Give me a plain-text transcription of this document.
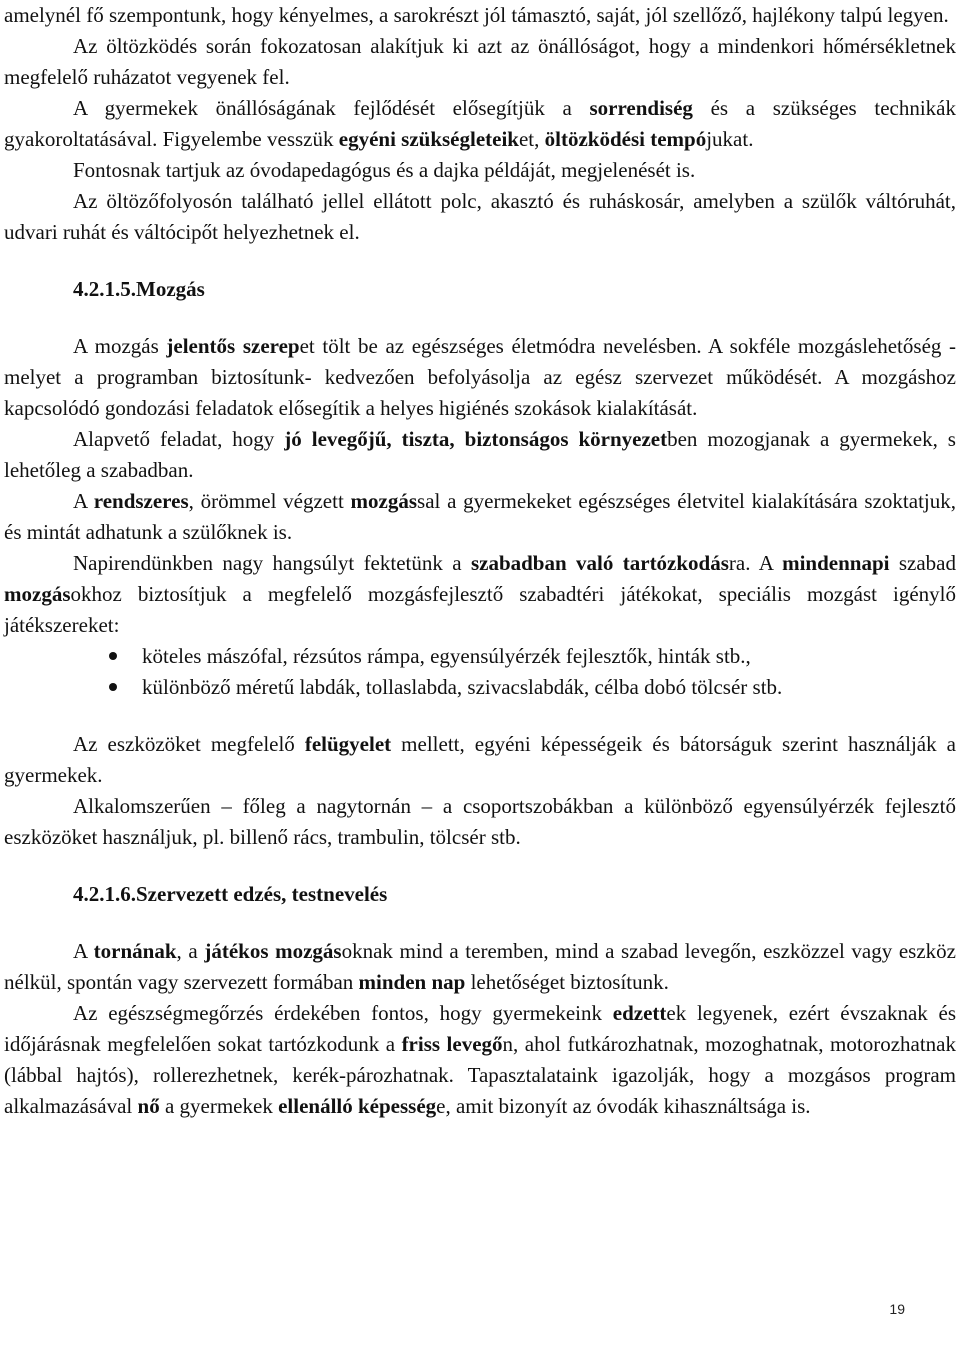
amelynél fő szempontunk, hogy kényelmes, a sarokrészt jól támasztó, saját, jól szellőző, hajlékony talpú legyen.

Az öltözködés során fokozatosan alakítjuk ki azt az önállóságot, hogy a mindenkori hőmérsékletnek megfelelő ruházatot vegyenek fel.

A gyermekek önállóságának fejlődését elősegítjük a sorrendiség és a szükséges technikák gyakoroltatásával. Figyelembe vesszük egyéni szükségleteiket, öltözködési tempójukat.

Fontosnak tartjuk az óvodapedagógus és a dajka példáját, megjelenését is.

Az öltözőfolyosón található jellel ellátott polc, akasztó és ruháskosár, amelyben a szülők váltóruhát, udvari ruhát és váltócipőt helyezhetnek el.

4.2.1.5.Mozgás

A mozgás jelentős szerepet tölt be az egészséges életmódra nevelésben. A sokféle mozgáslehetőség - melyet a programban biztosítunk- kedvezően befolyásolja az egész szervezet működését. A mozgáshoz kapcsolódó gondozási feladatok elősegítik a helyes higiénés szokások kialakítását.

Alapvető feladat, hogy jó levegőjű, tiszta, biztonságos környezetben mozogjanak a gyermekek, s lehetőleg a szabadban.

A rendszeres, örömmel végzett mozgással a gyermekeket egészséges életvitel kialakítására szoktatjuk, és mintát adhatunk a szülőknek is.

Napirendünkben nagy hangsúlyt fektetünk a szabadban való tartózkodásra. A mindennapi szabad mozgásokhoz biztosítjuk a megfelelő mozgásfejlesztő szabadtéri játékokat, speciális mozgást igénylő játékszereket:

köteles mászófal, rézsútos rámpa, egyensúlyérzék fejlesztők, hinták stb.,
különböző méretű labdák, tollaslabda, szivacslabdák, célba dobó tölcsér stb.

Az eszközöket megfelelő felügyelet mellett, egyéni képességeik és bátorságuk szerint használják a gyermekek.

Alkalomszerűen – főleg a nagytornán – a csoportszobákban a különböző egyensúlyérzék fejlesztő eszközöket használjuk, pl. billenő rács, trambulin, tölcsér stb.

4.2.1.6.Szervezett edzés, testnevelés

A tornának, a játékos mozgásoknak mind a teremben, mind a szabad levegőn, eszközzel vagy eszköz nélkül, spontán vagy szervezett formában minden nap lehetőséget biztosítunk.

Az egészségmegőrzés érdekében fontos, hogy gyermekeink edzettek legyenek, ezért évszaknak és időjárásnak megfelelően sokat tartózkodunk a friss levegőn, ahol futkározhatnak, mozoghatnak, motorozhatnak (lábbal hajtós), rollerezhetnek, kerék-pározhatnak. Tapasztalataink igazolják, hogy a mozgásos program alkalmazásával nő a gyermekek ellenálló képessége, amit bizonyít az óvodák kihasználtsága is.

19
